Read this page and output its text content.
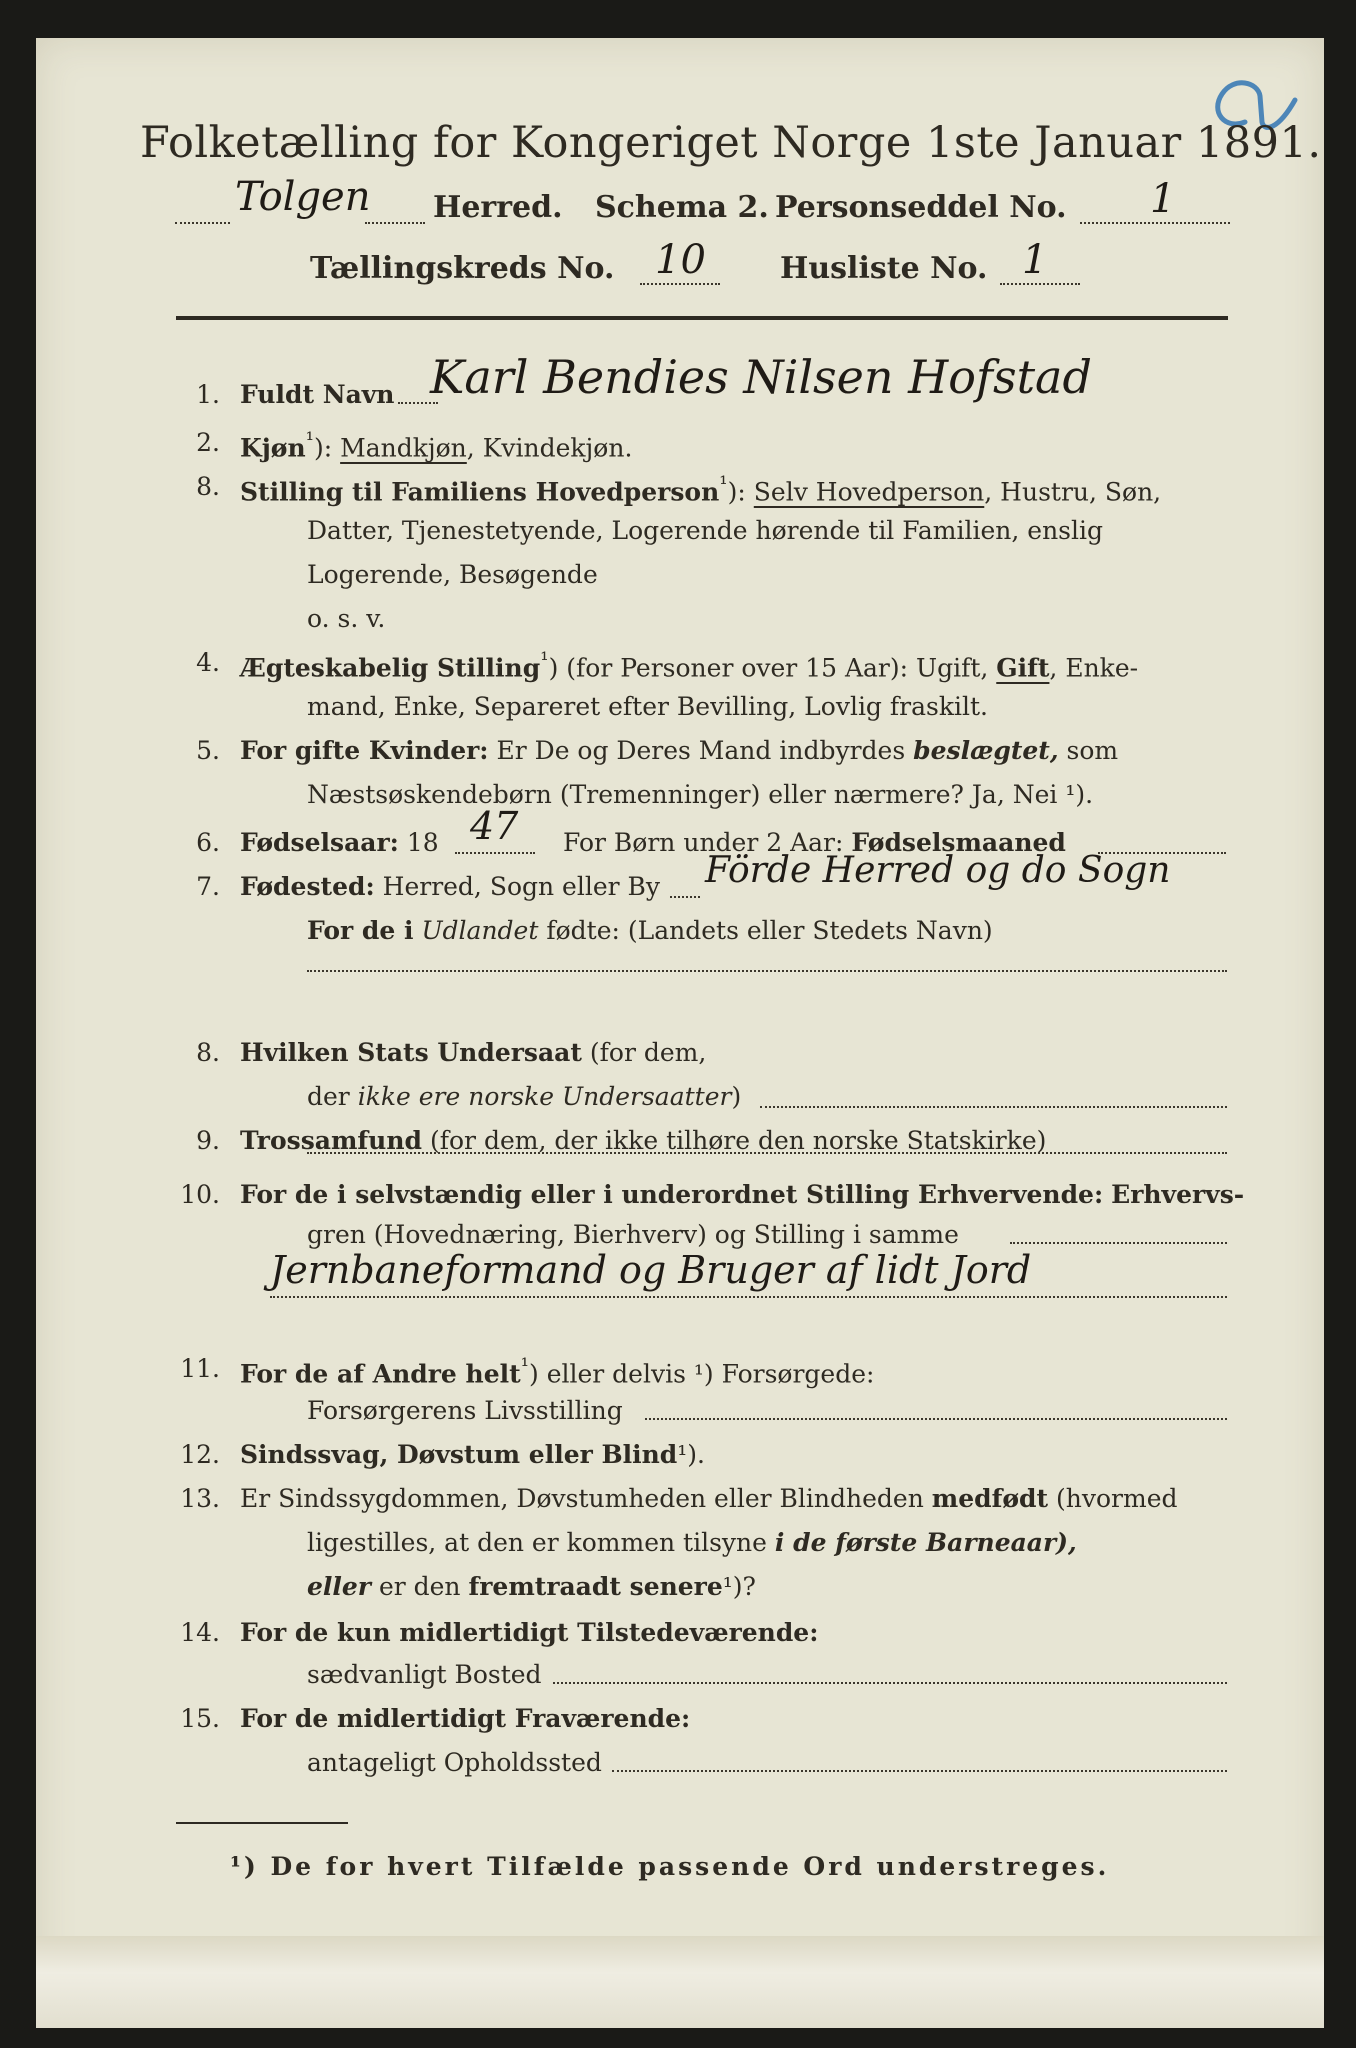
Folketælling for Kongeriget Norge 1ste Januar 1891.
Tolgen Herred. Schema 2. Personseddel No. 1
Tællingskreds No. 10 Husliste No. 1
1. Fuldt Navn Karl Bendies Nilsen Hofstad
2. Kjøn$^{^1}$): Mandkjøn, Kvindekjøn.
8. Stilling til Familiens Hovedperson$^{^1}$): Selv Hovedperson, Hustru, Søn,
Datter, Tjenestetyende, Logerende hørende til Familien, enslig
Logerende, Besøgende
o. s. v.
4. Ægteskabelig Stilling$^{^1}$) (for Personer over 15 Aar): Ugift, Gift, Enke-
mand, Enke, Separeret efter Bevilling, Lovlig fraskilt.
5. For gifte Kvinder: Er De og Deres Mand indbyrdes beslægtet, som
Næstsøskendebørn (Tremenninger) eller nærmere? Ja, Nei ¹).
6. Fødselsaar: 18 47 For Børn under 2 Aar: Fødselsmaaned
7. Fødested: Herred, Sogn eller By Förde Herred og do Sogn
For de i Udlandet fødte: (Landets eller Stedets Navn)
8. Hvilken Stats Undersaat (for dem,
der ikke ere norske Undersaatter)
9. Trossamfund (for dem, der ikke tilhøre den norske Statskirke)
10. For de i selvstændig eller i underordnet Stilling Erhvervende: Erhvervs-
gren (Hovednæring, Bierhverv) og Stilling i samme
Jernbaneformand og Bruger af lidt Jord
11. For de af Andre helt$^{^1}$) eller delvis ¹) Forsørgede:
Forsørgerens Livsstilling
12. Sindssvag, Døvstum eller Blind¹).
13. Er Sindssygdommen, Døvstumheden eller Blindheden medfødt (hvormed
ligestilles, at den er kommen tilsyne i de første Barneaar),
eller er den fremtraadt senere¹)?
14. For de kun midlertidigt Tilstedeværende:
sædvanligt Bosted
15. For de midlertidigt Fraværende:
antageligt Opholdssted
¹) De for hvert Tilfælde passende Ord understreges.
